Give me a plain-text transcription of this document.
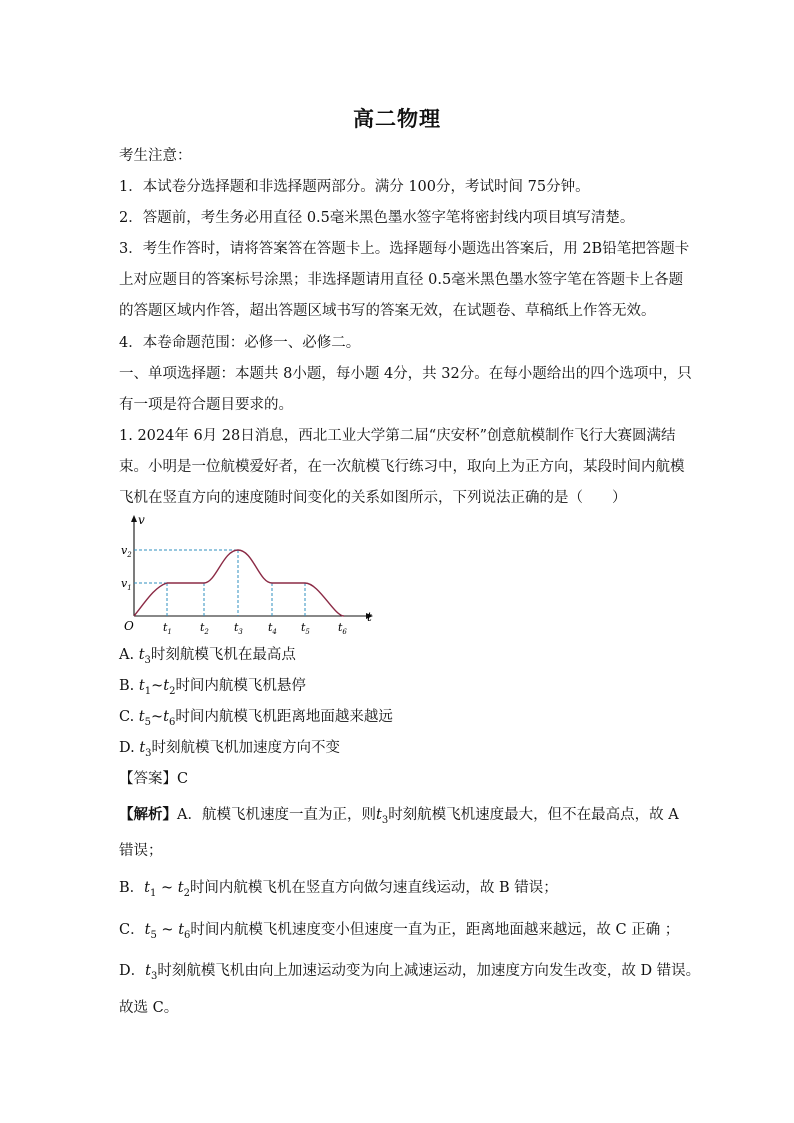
高二物理
考生注意：
1．本试卷分选择题和非选择题两部分。满分 100分，考试时间 75分钟。
2．答题前，考生务必用直径 0.5毫米黑色墨水签字笔将密封线内项目填写清楚。
3．考生作答时，请将答案答在答题卡上。选择题每小题选出答案后，用 2B铅笔把答题卡
上对应题目的答案标号涂黑；非选择题请用直径 0.5毫米黑色墨水签字笔在答题卡上各题
的答题区域内作答，超出答题区域书写的答案无效，在试题卷、草稿纸上作答无效。
4．本卷命题范围：必修一、必修二。
一、单项选择题：本题共 8小题，每小题 4分，共 32分。在每小题给出的四个选项中，只
有一项是符合题目要求的。
1. 2024年 6月 28日消息，西北工业大学第二届“庆安杯”创意航模制作飞行大赛圆满结
束。小明是一位航模爱好者，在一次航模飞行练习中，取向上为正方向，某段时间内航模
飞机在竖直方向的速度随时间变化的关系如图所示，下列说法正确的是（　　）
v
t
O
$v_2$
$v_1$
$t_1$	$t_2$ $t_3$ $t_4$ $t_5$	$t_6$
A. $t_3$时刻航模飞机在最高点
B. $t_1\sim t_2$时间内航模飞机悬停
C. $t_5\sim t_6$时间内航模飞机距离地面越来越远
D. $t_3$时刻航模飞机加速度方向不变
【答案】C
【解析】A．航模飞机速度一直为正，则$t_3$时刻航模飞机速度最大，但不在最高点，故 A
错误；
B．$t_1$ ~ $t_2$时间内航模飞机在竖直方向做匀速直线运动，故 B 错误；
C．$t_5$ ~ $t_6$时间内航模飞机速度变小但速度一直为正，距离地面越来越远，故 C 正确 ；
D．$t_3$时刻航模飞机由向上加速运动变为向上减速运动，加速度方向发生改变，故 D 错误。
故选 C。
